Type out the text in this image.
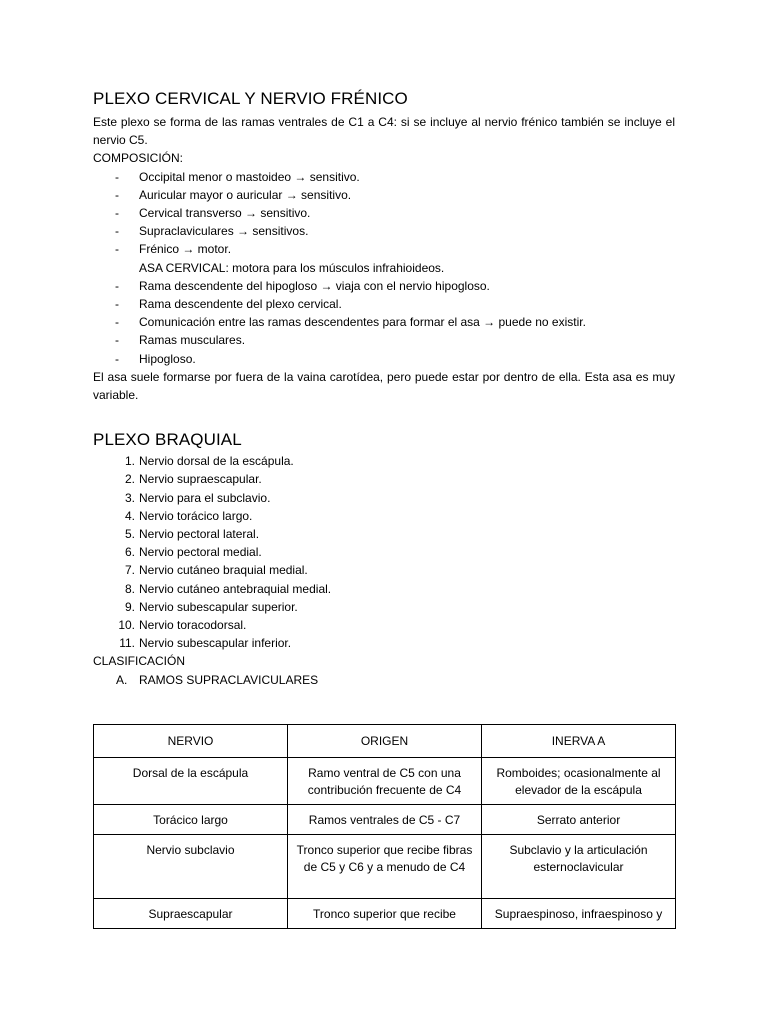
PLEXO CERVICAL Y NERVIO FRÉNICO

Este plexo se forma de las ramas ventrales de C1 a C4: si se incluye al nervio frénico también se incluye el nervio C5.

COMPOSICIÓN:
- Occipital menor o mastoideo → sensitivo.
- Auricular mayor o auricular → sensitivo.
- Cervical transverso → sensitivo.
- Supraclaviculares → sensitivos.
- Frénico → motor.
ASA CERVICAL: motora para los músculos infrahioideos.
- Rama descendente del hipogloso → viaja con el nervio hipogloso.
- Rama descendente del plexo cervical.
- Comunicación entre las ramas descendentes para formar el asa → puede no existir.
- Ramas musculares.
- Hipogloso.

El asa suele formarse por fuera de la vaina carotídea, pero puede estar por dentro de ella. Esta asa es muy variable.

PLEXO BRAQUIAL
1. Nervio dorsal de la escápula.
2. Nervio supraescapular.
3. Nervio para el subclavio.
4. Nervio torácico largo.
5. Nervio pectoral lateral.
6. Nervio pectoral medial.
7. Nervio cutáneo braquial medial.
8. Nervio cutáneo antebraquial medial.
9. Nervio subescapular superior.
10. Nervio toracodorsal.
11. Nervio subescapular inferior.
CLASIFICACIÓN
A. RAMOS SUPRACLAVICULARES
NERVIO	ORIGEN	INERVA A
Dorsal de la escápula	Ramo ventral de C5 con una contribución frecuente de C4	Romboides; ocasionalmente al elevador de la escápula
Torácico largo	Ramos ventrales de C5 - C7	Serrato anterior
Nervio subclavio	Tronco superior que recibe fibras de C5 y C6 y a menudo de C4	Subclavio y la articulación esternoclavicular
Supraescapular	Tronco superior que recibe	Supraespinoso, infraespinoso y
